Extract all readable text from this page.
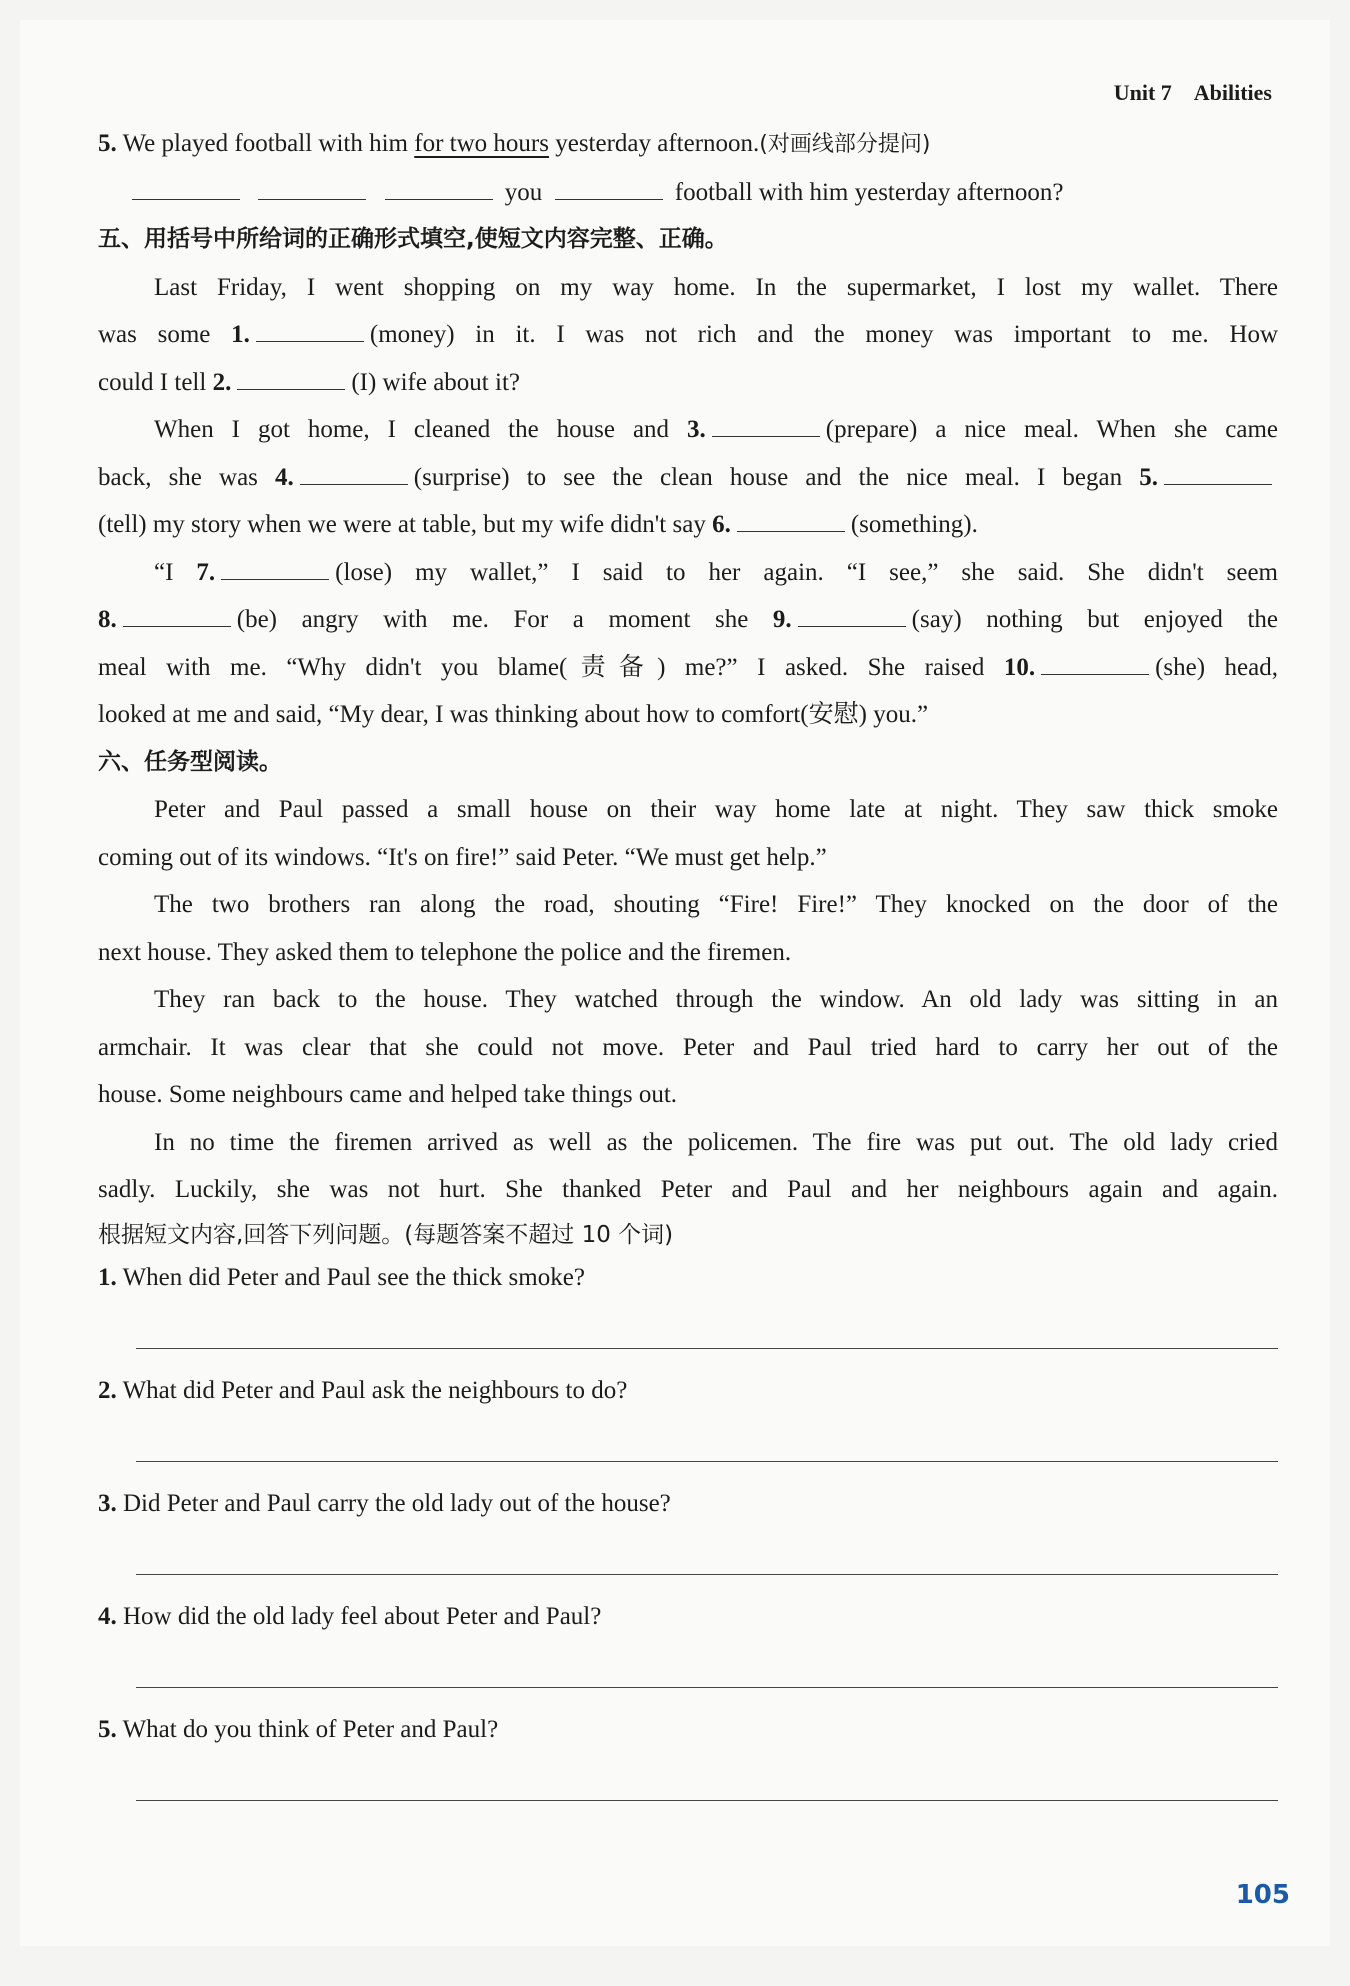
Unit 7 Abilities
5. We played football with him for two hours yesterday afternoon.(对画线部分提问)
you	football with him yesterday afternoon?
五、用括号中所给词的正确形式填空,使短文内容完整、正确。
Last Friday, I went shopping on my way home. In the supermarket, I lost my wallet. There
was some 1.	(money) in it. I was not rich and the money was important to me. How
could I tell 2.	(I) wife about it?
When I got home, I cleaned the house and 3.	(prepare) a nice meal. When she came
back, she was 4.	(surprise) to see the clean house and the nice meal. I began 5.
(tell) my story when we were at table, but my wife didn't say 6.	(something).
“I 7.	(lose) my wallet,” I said to her again. “I see,” she said. She didn't seem
8.	(be) angry with me. For a moment she 9.	(say) nothing but enjoyed the
meal with me. “Why didn't you blame(责备) me?” I asked. She raised 10.	(she) head,
looked at me and said, “My dear, I was thinking about how to comfort(安慰) you.”
六、任务型阅读。
Peter and Paul passed a small house on their way home late at night. They saw thick smoke
coming out of its windows. “It's on fire!” said Peter. “We must get help.”
The two brothers ran along the road, shouting “Fire! Fire!” They knocked on the door of the
next house. They asked them to telephone the police and the firemen.
They ran back to the house. They watched through the window. An old lady was sitting in an
armchair. It was clear that she could not move. Peter and Paul tried hard to carry her out of the
house. Some neighbours came and helped take things out.
In no time the firemen arrived as well as the policemen. The fire was put out. The old lady cried
sadly. Luckily, she was not hurt. She thanked Peter and Paul and her neighbours again and again.
根据短文内容,回答下列问题。(每题答案不超过 10 个词)
1. When did Peter and Paul see the thick smoke?
2. What did Peter and Paul ask the neighbours to do?
3. Did Peter and Paul carry the old lady out of the house?
4. How did the old lady feel about Peter and Paul?
5. What do you think of Peter and Paul?
105
